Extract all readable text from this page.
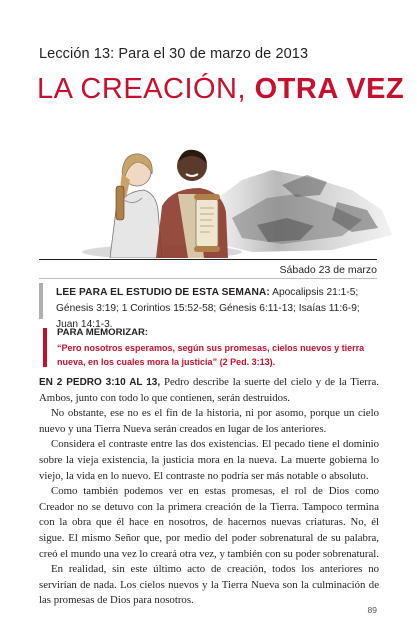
Lección 13: Para el 30 de marzo de 2013
LA CREACIÓN, OTRA VEZ
Sábado 23 de marzo
LEE PARA EL ESTUDIO DE ESTA SEMANA: Apocalipsis 21:1-5; Génesis 3:19; 1 Corintios 15:52-58; Génesis 6:11-13; Isaías 11:6-9; Juan 14:1-3.
PARA MEMORIZAR:
“Pero nosotros esperamos, según sus promesas, cielos nuevos y tierra nueva, en los cuales mora la justicia” (2 Ped. 3:13).

EN 2 PEDRO 3:10 AL 13, Pedro describe la suerte del cielo y de la Tierra. Ambos, junto con todo lo que contienen, serán destruidos.

No obstante, ese no es el fin de la historia, ni por asomo, porque un cielo nuevo y una Tierra Nueva serán creados en lugar de los anteriores.

Considera el contraste entre las dos existencias. El pecado tiene el dominio sobre la vieja existencia, la justicia mora en la nueva. La muerte gobierna lo viejo, la vida en lo nuevo. El contraste no podría ser más notable o absoluto.

Como también podemos ver en estas promesas, el rol de Dios como Creador no se detuvo con la primera creación de la Tierra. Tampoco termina con la obra que él hace en nosotros, de hacernos nuevas criaturas. No, él sigue. El mismo Señor que, por medio del poder sobrenatural de su palabra, creó el mundo una vez lo creará otra vez, y también con su poder sobrenatural.

En realidad, sin este último acto de creación, todos los anteriores no servirían de nada. Los cielos nuevos y la Tierra Nueva son la culminación de las promesas de Dios para nosotros.

89
